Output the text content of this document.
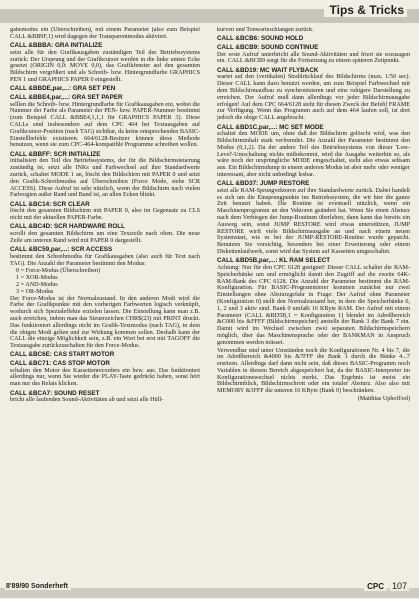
Tips & Tricks

gabemodus ein (Überschreiben), mit einem Parameter (also zum Beispiel CALL &BB9F,1) wird dagegen der Transparentmodus aktiviert.

CALL &BBBA: GRA INITIALIZE

setzt alle für den Grafikausgaben zuständigen Teil des Betriebssystems zurück: Der Ursprung und der Grafikcursor werden in die linke untere Ecke gesetzt (ORIGIN 0,0: MOVE 0,0), das Grafikfenster auf den gesamten Bildschirm vergrößert und als Schreib- bzw. Hintergrundfarbe GRAPHICS PEN 1 und GRAPHICS PAPER 0 eingestellt.

CALL &BBDE,par,...: GRA SET PEN
CALL &BBE4,par,...: GRA SET PAPER

selllen die Schreib- bzw. Hintergrundfarbe für Grafikausgaben ein, wobei die Nummer der Farbe als Parameter der PEN- bzw. PAPER-Nummer bestimmt (zum Beispiel CALL &BBE4,1,1,1 für GRAPHICS PAPER 3). Diese CALLs sind insbesondere auf dem CPC 464 bei Textausgaben auf Grafikcursor-Position (nach TAG) sichtbar, da keine entsprechenden BASIC-Einstellbefehle existieren. 664/6128-Besitzer können diese Methode benutzen, wenn sie zum CPC-464-kompatible Programme schreiben wollen.

CALL &BBFF: SCR INITIALIZE

initialisiert den Teil des Betriebssystems, der für die Bildschirmsteuerung zuständig ist, setzt alle INKs und Farbwechsel auf ihre Standardwerte zurück, schaltet MODE 1 an, löscht den Bildschirm mit PAPER 0 und setzt den Grafik-Schreibmodus auf Überschreiben (Force Mode, siehe SCR ACCESS). Diese Aufruf ist sehr nützlich, wenn der Bildschirm nach vielen Farborgien außer Rand und Band ist, an allen Ecken blinkt.

CALL &BC14: SCR CLEAR

löscht den gesamten Bildschirm mit PAPER 0, also im Gegensatz zu CLS nicht mit der aktuellen PAPER-Farbe.

CALL &BC4D: SCR HARDWARE ROLL

scrollt den gesamten Bildschirm um eine Textzeile nach oben. Die neue Zeile am unteren Rand wird mit PAPER 0 dargestellt.

CALL &BC59,par,...: SCR ACCESS

bestimmt den Schreibmodus für Grafikausgaben (also auch für Text nach TAG). Die Anzahl der Parameter bestimmt den Modus:

0 = Force-Modus (Überschreiben)
1 = XOR-Modus
2 = AND-Modus
3 = OR-Modus

Der Force-Modus ist der Normalzustand. In den anderen Modi wird die Farbe der Grafikpunkte mit den vorherigen Farbwerten logisch verknüpft, wodurch sich Spezialeffekte erzielen lassen. Die Einstellung kann man z.B. auch erreichen, indem man das Steuerzeichen CHR$(23) mit PRINT druckt. Das funktioniert allerdings nicht im Grafik-Textmodus (nach TAG), in dem die obigen Modi gelten und zur Wirkung kommen sollen. Deshalb kann der CALL die einzige Möglichkeit sein, z.B. ein Wort bei erst mit TAGOFF die Textausgabe zurückzuschalten für den Force-Modus.

CALL &BC6E: CAS START MOTOR
CALL &BC71: CAS STOP MOTOR

schalten den Motor des Kassettenrecorders ein bzw. aus. Das funktioniert allerdings nur, wenn Sie wieder die PLAY-Taste gedrückt haben, sonst hört man nur das Relais klicken.

CALL &BCA7: SOUND RESET

bricht alle laufenden Sound-Aktivitäten ab und setzt alle Hüll-

kurven und Tonwarteschlangen zurück.

CALL &BCB6: SOUND HOLD
CALL &BCB9: SOUND CONTINUE

Der erste Aufruf unterbricht alle Sound-Aktivitäten und friert sie sozusagen ein. CALL &BCB9 sorgt für die Fortsetzung zu einem späteren Zeitpunkt.

CALL &BD19: MC WAIT FLYBACK

wartet auf den (vertikalen) Strahlrücklauf des Bildschirms (max. 1/50 sec). Dieser CALL kann dazu benutzt werden, um zum Beispiel Farbwechsel mit dem Bildschirmaufbau zu synchronisieren und eine ruhigere Darstellung zu erreichen. Der Aufruf muß dann allerdings vor jeder Bildschirmausgabe erfolgen! Auf dem CPC 664/6128 steht für diesen Zweck der Befehl FRAME zur Verfügung. Wenn das Programm auch auf dem 464 laufen soll, ist dort jedoch die obige CALL angebracht.

CALL &BD1C,par,...: MC SET MODE

schaltet den MODE um, ohne daß der Bildschirm gelöscht wird, was den Bildschirminhalt stark verfremdet. Die Anzahl der Parameter bestimmt den Modus (0,1,2). Da der andere Teil des Betriebssystems von dieser 'Low-Level'-Umschaltung nichts mitbekommt, wird die Ausgabe weiterhin so, als wäre noch der ursprüngliche MODE eingeschaltet, sieht also etwas seltsam aus. Ein Bildschirmdump in einem anderen Modus ist aber mehr oder weniger interessant, aber nicht unbedingt lesbar.

CALL &BD37: JUMP RESTORE

setzt alle RAM-Sprungvektoren auf ihre Standardwerte zurück. Dabei handelt es sich um die Einsprungpunkte ins Betriebssystem, die wir hier die ganze Zeit benutzt haben. Die Routine ist eventuell nützlich, wenn ein Maschinenprogramm an den Vektoren geändert hat. Wenn Sie einen Absturz nach dem Verbiegen der Jump-Routinen überleben, dann kann das bereits ein Ausweg sein, sonst JUMP RESTORE wird etwas unterstützen, JUMP RESTORE wirft viele Bildschirmausgabe an und nach einem neuen Systemstart, wie es bei der JUMP-RESTORE-Routine wurde gepatcht. Benutzen Sie vorsichtig, besonders bei einer Erweiterung oder einem Diskettenlaufwerk, sonst wird das System auf Kassetten umgeschaltet.

CALL &BD5B,par,...: KL RAM SELECT

Achtung: Nur für den CPC 6128 geeignet! Dieser CALL schaltet die RAM-Speicherbänke um und ermöglicht damit den Zugriff auf die zweite 64K-RAM-Bank des CPC 6128. Die Anzahl der Parameter bestimmt die RAM-Konfiguration. Für BASIC-Programmierer kommen zunächst nur zwei Einstellungen ohne Absturzgefahr in Frage: Der Aufruf ohne Parameter (Konfiguration 0) stellt den Normalzustand her, in dem die Speicherbänke 0, 1, 2 und 3 aktiv sind. Bank 0 umfaßt 16 KByte RAM. Der Aufruf mit einem Parameter (CALL &BD5B,1 = Konfiguration 1) blendet im Adreßbereich &C000 bis &FFFF (Bildschirmspeicher) anstelle der Bank 3 die Bank 7 ein. Damit wird im Wechsel zwischen zwei separaten Bildschirmspeichern möglich, über das Maschinensprache oder der BANKMAN in Anspruch genommen werden müsset.

Verwendbar sind unter Umständen noch die Konfigurationen Nr. 4 bis 7, die im Adreßbereich &4000 bis &7FFF die Bank 1 durch die Bänke 4...7 ersetzen. Allerdings darf dann nicht sein, daß dieses BASIC-Programm noch Variablen in diesem Bereich abgespeichert hat, da der BASIC-Interpreter im Konfigurationswechsel nichts merkt. Das Ergebnis ist meist ein Bildschirmblick, Bildschirmschrott oder ein totaler Absturz. Also also mit MEMORY &3FFF die unteren 16 KByte (Bank 0) beschränken.

(Matthias Uphoff/ed)

8'89/90 Sonderheft	CPC 107
